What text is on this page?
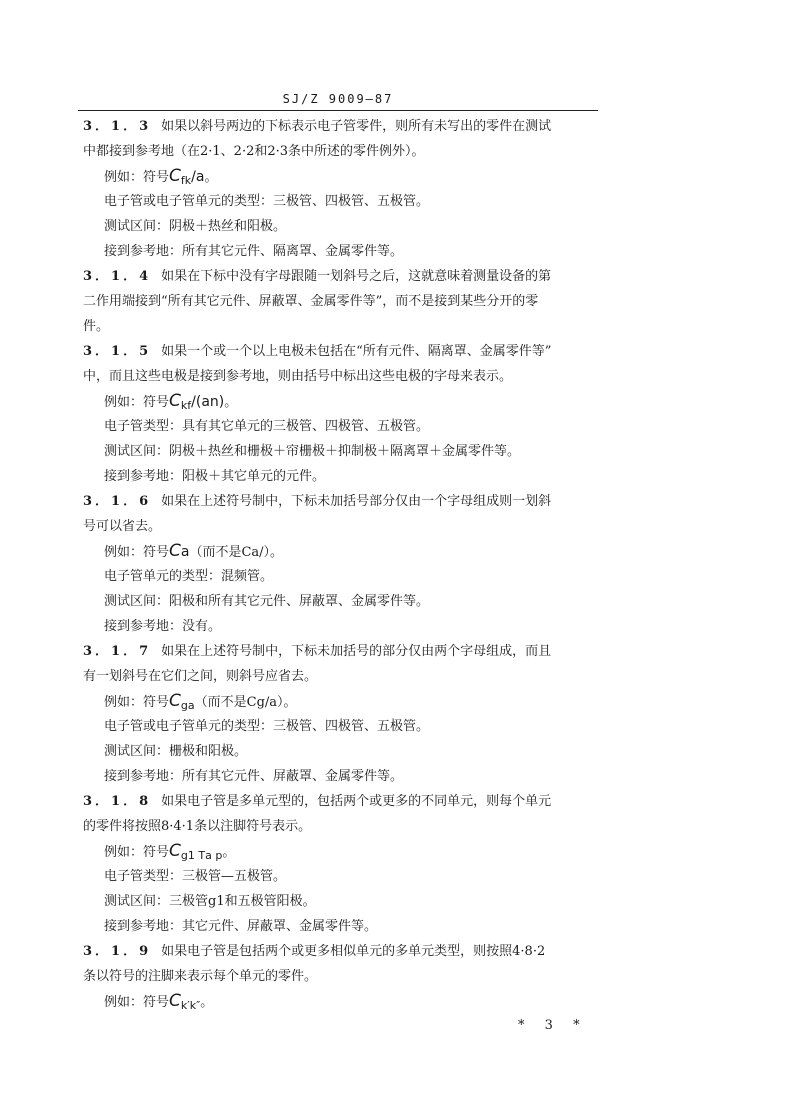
SJ/Z 9009—87
3．1．3 如果以斜号两边的下标表示电子管零件，则所有未写出的零件在测试
中都接到参考地（在2·1、2·2和2·3条中所述的零件例外）。
例如：符号$C_{fk}/a$。
电子管或电子管单元的类型：三极管、四极管、五极管。
测试区间：阴极＋热丝和阳极。
接到参考地：所有其它元件、隔离罩、金属零件等。
3．1．4 如果在下标中没有字母跟随一划斜号之后，这就意味着测量设备的第
二作用端接到“所有其它元件、屏蔽罩、金属零件等”，而不是接到某些分开的零
件。
3．1．5 如果一个或一个以上电极未包括在“所有元件、隔离罩、金属零件等”
中，而且这些电极是接到参考地，则由括号中标出这些电极的字母来表示。
例如：符号$C_{kf}/(an)$。
电子管类型：具有其它单元的三极管、四极管、五极管。
测试区间：阴极＋热丝和栅极＋帘栅极＋抑制极＋隔离罩＋金属零件等。
接到参考地：阳极＋其它单元的元件。
3．1．6 如果在上述符号制中，下标未加括号部分仅由一个字母组成则一划斜
号可以省去。
例如：符号Ca（而不是Ca/）。
电子管单元的类型：混频管。
测试区间：阳极和所有其它元件、屏蔽罩、金属零件等。
接到参考地：没有。
3．1．7 如果在上述符号制中，下标未加括号的部分仅由两个字母组成，而且
有一划斜号在它们之间，则斜号应省去。
例如：符号$C_{ga}$（而不是Cg/a）。
电子管或电子管单元的类型：三极管、四极管、五极管。
测试区间：栅极和阳极。
接到参考地：所有其它元件、屏蔽罩、金属零件等。
3．1．8 如果电子管是多单元型的，包括两个或更多的不同单元，则每个单元
的零件将按照8·4·1条以注脚符号表示。
例如：符号$C_{g1 Ta p}$。
电子管类型：三极管—五极管。
测试区间：三极管g1和五极管阳极。
接到参考地：其它元件、屏蔽罩、金属零件等。
3．1．9 如果电子管是包括两个或更多相似单元的多单元类型，则按照4·8·2
条以符号的注脚来表示每个单元的零件。
例如：符号$C_{k'k''}$。
* 3 *
